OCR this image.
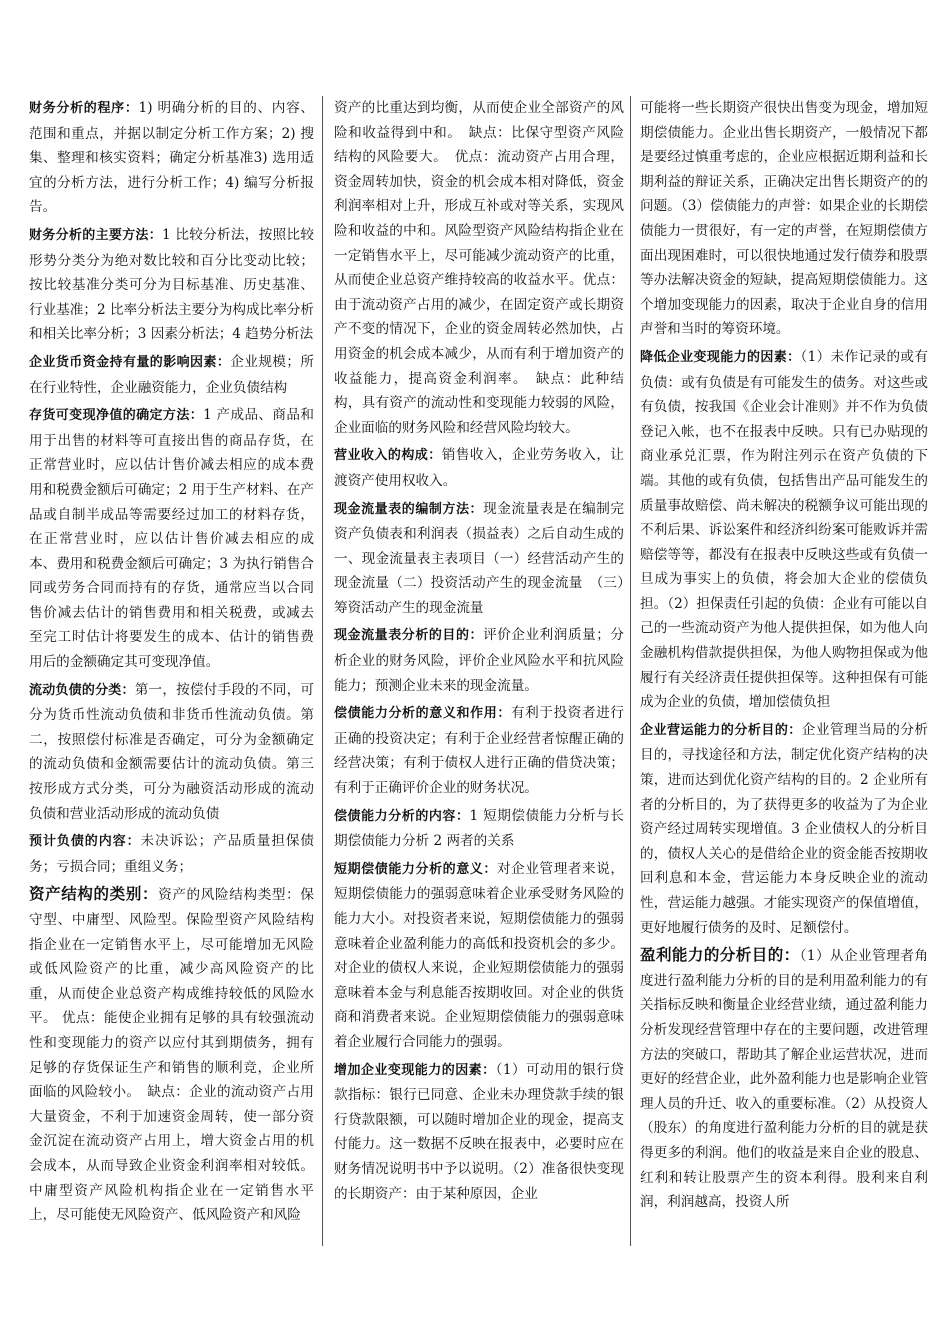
财务分析的程序：1) 明确分析的目的、内容、范围和重点，并据以制定分析工作方案；2) 搜集、整理和核实资料；确定分析基准3) 选用适宜的分析方法，进行分析工作；4) 编写分析报告。

财务分析的主要方法：1 比较分析法，按照比较形势分类分为绝对数比较和百分比变动比较；按比较基准分类可分为目标基准、历史基准、行业基准；2 比率分析法主要分为构成比率分析和相关比率分析；3 因素分析法；4 趋势分析法

企业货币资金持有量的影响因素：企业规模；所在行业特性，企业融资能力，企业负债结构

存货可变现净值的确定方法：1 产成品、商品和用于出售的材料等可直接出售的商品存货，在正常营业时，应以估计售价减去相应的成本费用和税费金额后可确定；2 用于生产材料、在产品或自制半成品等需要经过加工的材料存货，在正常营业时，应以估计售价减去相应的成本、费用和税费金额后可确定；3 为执行销售合同或劳务合同而持有的存货，通常应当以合同售价减去估计的销售费用和相关税费，或减去至完工时估计将要发生的成本、估计的销售费用后的金额确定其可变现净值。

流动负债的分类：第一，按偿付手段的不同，可分为货币性流动负债和非货币性流动负债。第二，按照偿付标准是否确定，可分为金额确定的流动负债和金额需要估计的流动负债。第三按形成方式分类，可分为融资活动形成的流动负债和营业活动形成的流动负债

预计负债的内容：未决诉讼；产品质量担保债务；亏损合同；重组义务；

资产结构的类别：资产的风险结构类型：保守型、中庸型、风险型。保险型资产风险结构指企业在一定销售水平上，尽可能增加无风险或低风险资产的比重，减少高风险资产的比重，从而使企业总资产构成维持较低的风险水平。 优点：能使企业拥有足够的具有较强流动性和变现能力的资产以应付其到期债务，拥有足够的存货保证生产和销售的顺利竞，企业所面临的风险较小。　缺点：企业的流动资产占用大量资金，不利于加速资金周转，使一部分资金沉淀在流动资产占用上，增大资金占用的机会成本，从而导致企业资金利润率相对较低。 中庸型资产风险机构指企业在一定销售水平上，尽可能使无风险资产、低风险资产和风险

资产的比重达到均衡，从而使企业全部资产的风险和收益得到中和。　缺点：比保守型资产风险结构的风险要大。　优点：流动资产占用合理，资金周转加快，资金的机会成本相对降低，资金利润率相对上升，形成互补或对等关系，实现风险和收益的中和。风险型资产风险结构指企业在一定销售水平上，尽可能减少流动资产的比重，从而使企业总资产维持较高的收益水平。优点：由于流动资产占用的减少，在固定资产或长期资产不变的情况下，企业的资金周转必然加快，占用资金的机会成本减少，从而有利于增加资产的收益能力，提高资金利润率。　缺点：此种结构，具有资产的流动性和变现能力较弱的风险，企业面临的财务风险和经营风险均较大。

营业收入的构成：销售收入，企业劳务收入，让渡资产使用权收入。

现金流量表的编制方法：现金流量表是在编制完资产负债表和利润表（损益表）之后自动生成的一、现金流量表主表项目（一）经营活动产生的现金流量（二）投资活动产生的现金流量　（三）筹资活动产生的现金流量

现金流量表分析的目的：评价企业利润质量；分析企业的财务风险，评价企业风险水平和抗风险能力；预测企业未来的现金流量。

偿债能力分析的意义和作用：有利于投资者进行正确的投资决定；有利于企业经营者惊醒正确的经营决策；有利于债权人进行正确的借贷决策；有利于正确评价企业的财务状况。

偿债能力分析的内容：1 短期偿债能力分析与长期偿债能力分析 2 两者的关系

短期偿债能力分析的意义：对企业管理者来说，短期偿债能力的强弱意味着企业承受财务风险的能力大小。对投资者来说，短期偿债能力的强弱意味着企业盈利能力的高低和投资机会的多少。对企业的债权人来说，企业短期偿债能力的强弱意味着本金与利息能否按期收回。对企业的供货商和消费者来说。企业短期偿债能力的强弱意味着企业履行合同能力的强弱。

增加企业变现能力的因素：（1）可动用的银行贷款指标：银行已同意、企业未办理贷款手续的银行贷款限额，可以随时增加企业的现金，提高支付能力。这一数据不反映在报表中，必要时应在财务情况说明书中予以说明。（2）准备很快变现的长期资产：由于某种原因，企业

可能将一些长期资产很快出售变为现金，增加短期偿债能力。企业出售长期资产，一般情况下都是要经过慎重考虑的，企业应根据近期利益和长期利益的辩证关系，正确决定出售长期资产的的问题。（3）偿债能力的声誉：如果企业的长期偿债能力一贯很好，有一定的声誉，在短期偿债方面出现困难时，可以很快地通过发行债券和股票等办法解决资金的短缺，提高短期偿债能力。这个增加变现能力的因素，取决于企业自身的信用声誉和当时的筹资环境。

降低企业变现能力的因素：（1）未作记录的或有负债：或有负债是有可能发生的债务。对这些或有负债，按我国《企业会计准则》并不作为负债登记入帐，也不在报表中反映。只有已办贴现的商业承兑汇票，作为附注列示在资产负债的下端。其他的或有负债，包括售出产品可能发生的质量事故赔偿、尚未解决的税额争议可能出现的不利后果、诉讼案件和经济纠纷案可能败诉并需赔偿等等，都没有在报表中反映这些或有负债一旦成为事实上的负债，将会加大企业的偿债负担。（2）担保责任引起的负债：企业有可能以自己的一些流动资产为他人提供担保，如为他人向金融机构借款提供担保，为他人购物担保或为他履行有关经济责任提供担保等。这种担保有可能成为企业的负债，增加偿债负担

企业营运能力的分析目的：企业管理当局的分析目的，寻找途径和方法，制定优化资产结构的决策，进而达到优化资产结构的目的。2 企业所有者的分析目的，为了获得更多的收益为了为企业资产经过周转实现增值。3 企业债权人的分析目的，债权人关心的是借给企业的资金能否按期收回利息和本金，营运能力本身反映企业的流动性，营运能力越强。才能实现资产的保值增值，更好地履行债务的及时、足额偿付。

盈利能力的分析目的：（1）从企业管理者角度进行盈利能力分析的目的是利用盈利能力的有关指标反映和衡量企业经营业绩，通过盈利能力分析发现经营管理中存在的主要问题，改进管理方法的突破口，帮助其了解企业运营状况，进而更好的经营企业，此外盈利能力也是影响企业管理人员的升迁、收入的重要标准。（2）从投资人（股东）的角度进行盈利能力分析的目的就是获得更多的利润。他们的收益是来自企业的股息、红利和转让股票产生的资本利得。股利来自利润，利润越高，投资人所
